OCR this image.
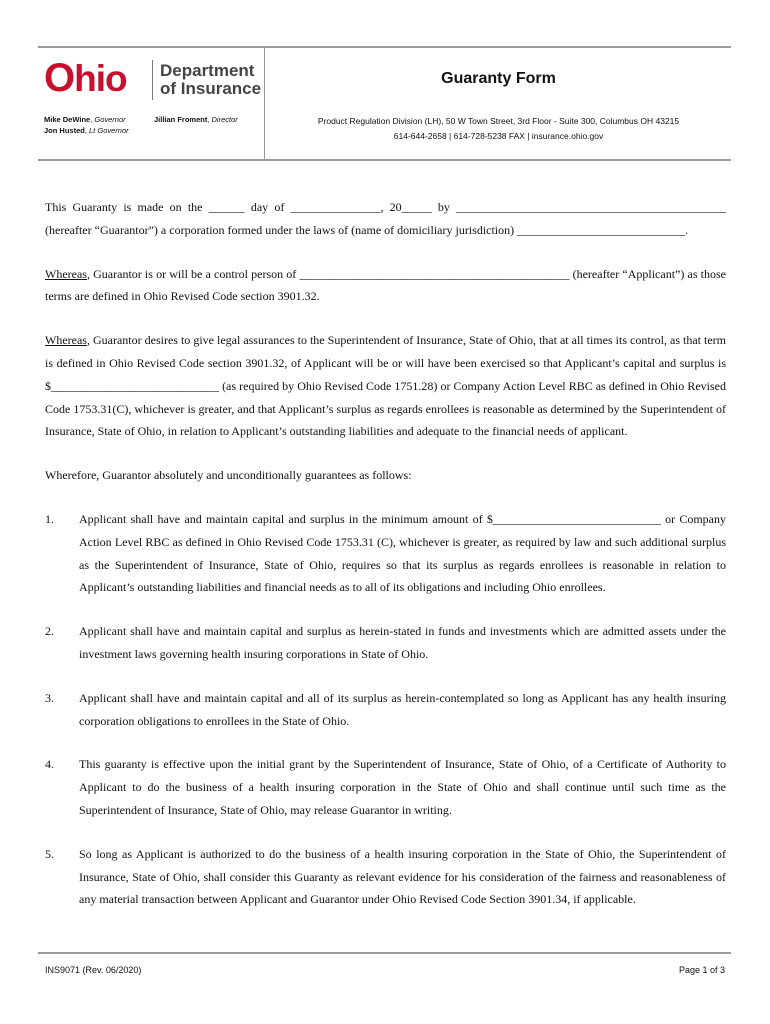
Ohio Department
of Insurance
Mike DeWine, Governor
Jon Husted, Lt Governor
Jillian Froment, Director
Guaranty Form
Product Regulation Division (LH), 50 W Town Street, 3rd Floor - Suite 300, Columbus OH 43215
614-644-2658 | 614-728-5238 FAX | insurance.ohio.gov
This Guaranty is made on the ______ day of _______________, 20_____ by _____________________________________________
(hereafter “Guarantor”) a corporation formed under the laws of (name of domiciliary jurisdiction) ____________________________.
Whereas, Guarantor is or will be a control person of _____________________________________________ (hereafter “Applicant”) as those terms are defined in Ohio Revised Code section 3901.32.
Whereas, Guarantor desires to give legal assurances to the Superintendent of Insurance, State of Ohio, that at all times its control, as that term is defined in Ohio Revised Code section 3901.32, of Applicant will be or will have been exercised so that Applicant’s capital and surplus is $____________________________ (as required by Ohio Revised Code 1751.28) or Company Action Level RBC as defined in Ohio Revised Code 1753.31(C), whichever is greater, and that Applicant’s surplus as regards enrollees is reasonable as determined by the Superintendent of Insurance, State of Ohio, in relation to Applicant’s outstanding liabilities and adequate to the financial needs of applicant.
Wherefore, Guarantor absolutely and unconditionally guarantees as follows:
1.	Applicant shall have and maintain capital and surplus in the minimum amount of $____________________________ or Company Action Level RBC as defined in Ohio Revised Code 1753.31 (C), whichever is greater, as required by law and such additional surplus as the Superintendent of Insurance, State of Ohio, requires so that its surplus as regards enrollees is reasonable in relation to Applicant’s outstanding liabilities and financial needs as to all of its obligations and including Ohio enrollees.
2.	Applicant shall have and maintain capital and surplus as herein-stated in funds and investments which are admitted assets under the investment laws governing health insuring corporations in State of Ohio.
3.	Applicant shall have and maintain capital and all of its surplus as herein-contemplated so long as Applicant has any health insuring corporation obligations to enrollees in the State of Ohio.
4.	This guaranty is effective upon the initial grant by the Superintendent of Insurance, State of Ohio, of a Certificate of Authority to Applicant to do the business of a health insuring corporation in the State of Ohio and shall continue until such time as the Superintendent of Insurance, State of Ohio, may release Guarantor in writing.
5.	So long as Applicant is authorized to do the business of a health insuring corporation in the State of Ohio, the Superintendent of Insurance, State of Ohio, shall consider this Guaranty as relevant evidence for his consideration of the fairness and reasonableness of any material transaction between Applicant and Guarantor under Ohio Revised Code Section 3901.34, if applicable.
INS9071 (Rev. 06/2020)	Page 1 of 3
